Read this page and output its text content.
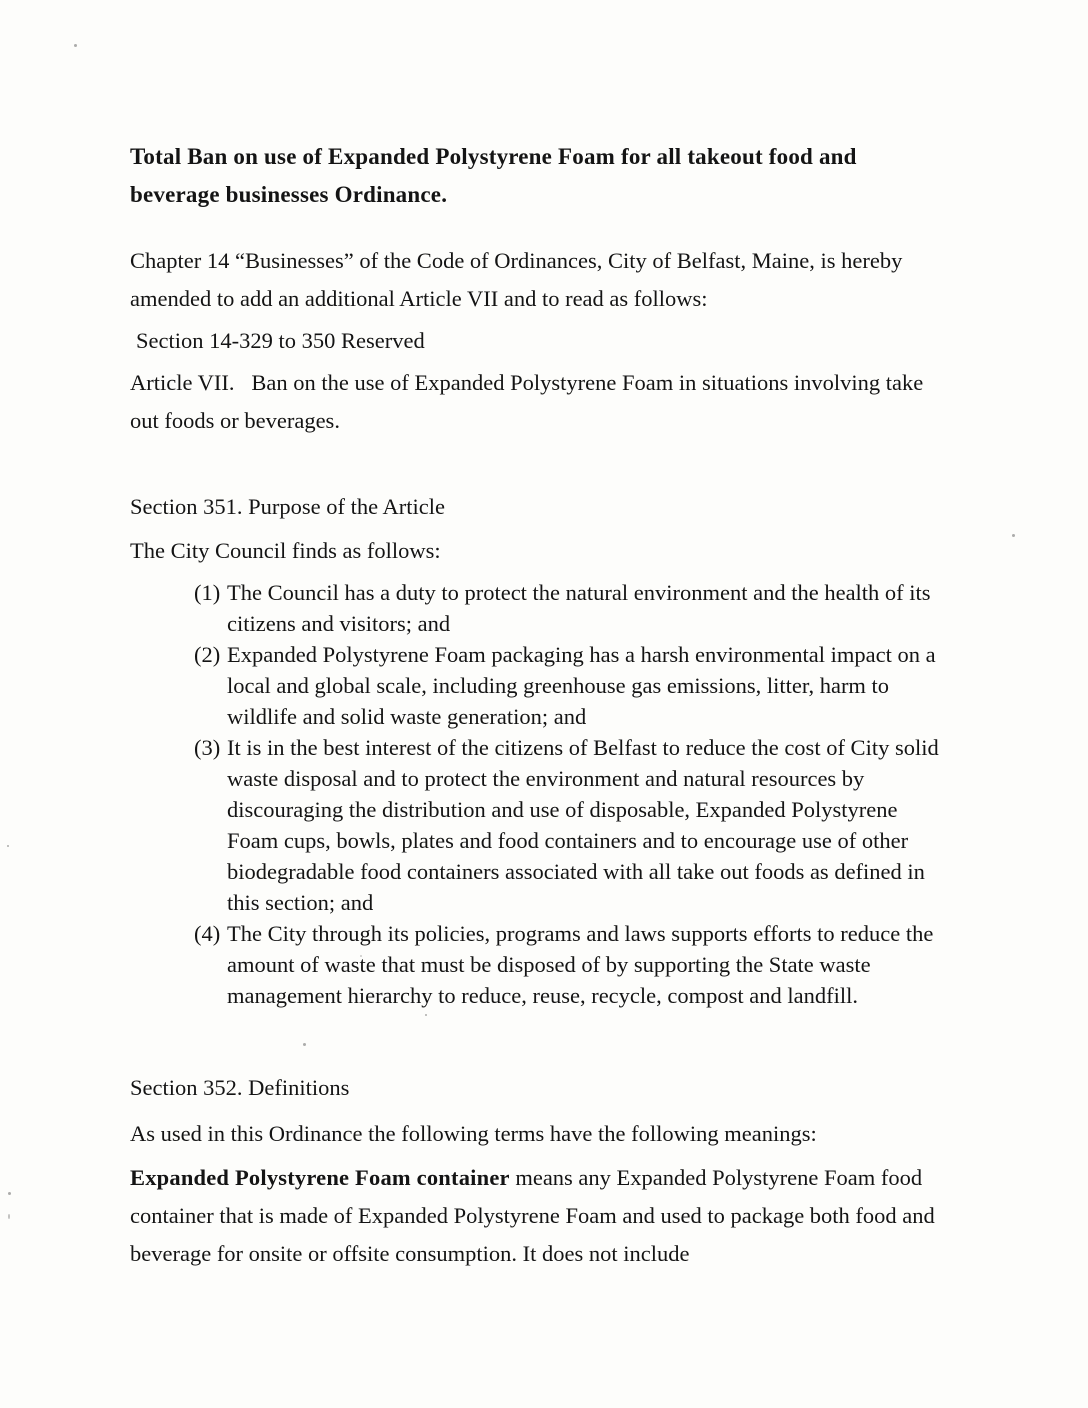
Total Ban on use of Expanded Polystyrene Foam for all takeout food and beverage businesses Ordinance.

Chapter 14 “Businesses” of the Code of Ordinances, City of Belfast, Maine, is hereby amended to add an additional Article VII and to read as follows:

Section 14-329 to 350 Reserved

Article VII.   Ban on the use of Expanded Polystyrene Foam in situations involving take out foods or beverages.

Section 351. Purpose of the Article

The City Council finds as follows:

(1) The Council has a duty to protect the natural environment and the health of its citizens and visitors; and
(2) Expanded Polystyrene Foam packaging has a harsh environmental impact on a local and global scale, including greenhouse gas emissions, litter, harm to wildlife and solid waste generation; and
(3) It is in the best interest of the citizens of Belfast to reduce the cost of City solid waste disposal and to protect the environment and natural resources by discouraging the distribution and use of disposable, Expanded Polystyrene Foam cups, bowls, plates and food containers and to encourage use of other biodegradable food containers associated with all take out foods as defined in this section; and
(4) The City through its policies, programs and laws supports efforts to reduce the amount of waste that must be disposed of by supporting the State waste management hierarchy to reduce, reuse, recycle, compost and landfill.

Section 352. Definitions

As used in this Ordinance the following terms have the following meanings:

Expanded Polystyrene Foam container means any Expanded Polystyrene Foam food container that is made of Expanded Polystyrene Foam and used to package both food and beverage for onsite or offsite consumption. It does not include
